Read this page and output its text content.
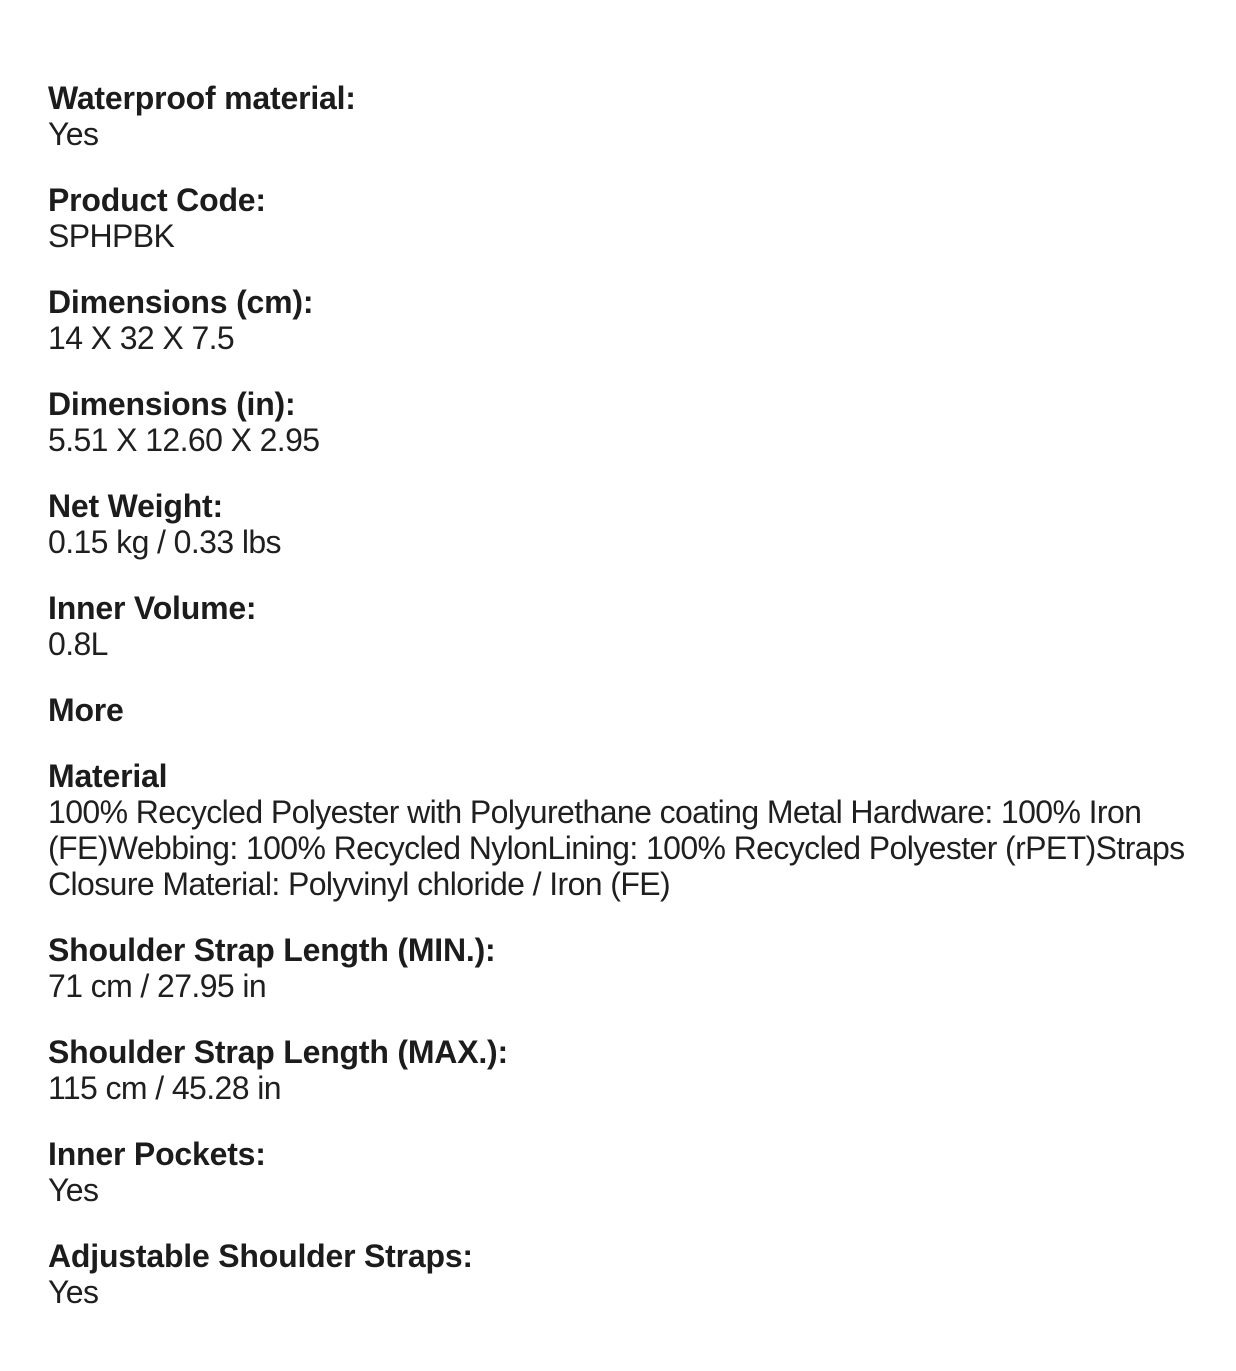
Waterproof material:
Yes
Product Code:
SPHPBK
Dimensions (cm):
14 X 32 X 7.5
Dimensions (in):
5.51 X 12.60 X 2.95
Net Weight:
0.15 kg / 0.33 lbs
Inner Volume:
0.8L
More
Material
100% Recycled Polyester with Polyurethane coating Metal Hardware: 100% Iron (FE)Webbing: 100% Recycled NylonLining: 100% Recycled Polyester (rPET)Straps Closure Material: Polyvinyl chloride / Iron (FE)
Shoulder Strap Length (MIN.):
71 cm / 27.95 in
Shoulder Strap Length (MAX.):
115 cm / 45.28 in
Inner Pockets:
Yes
Adjustable Shoulder Straps:
Yes
